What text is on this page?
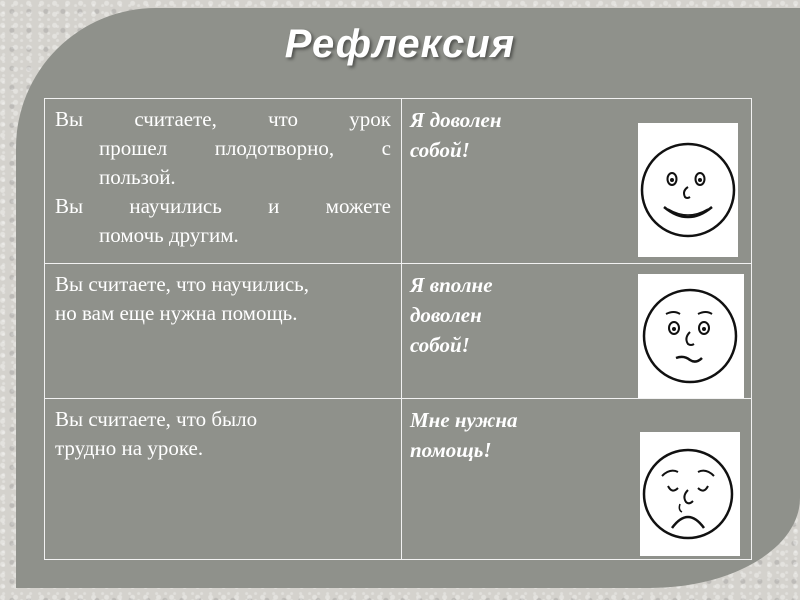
Рефлексия
Вы считаете, что урок
прошел плодотворно, с
пользой.
Вы научились и можете
помочь другим.
Я доволен
собой!
Вы считаете, что научились,
но вам еще нужна помощь.
Я вполне
доволен
собой!
Вы считаете, что было
трудно на уроке.
Мне нужна
помощь!
